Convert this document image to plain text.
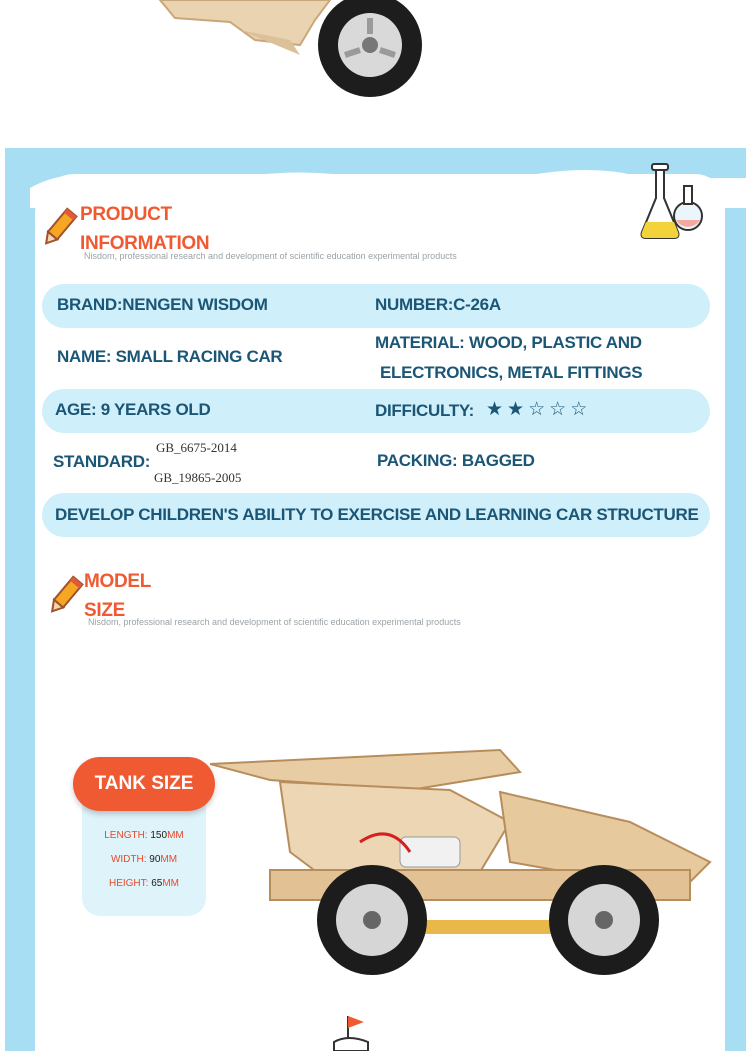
PRODUCT
INFORMATION
Nisdom, professional research and development of scientific education experimental products
BRAND:NENGEN WISDOM	NUMBER:C-26A
NAME: SMALL RACING CAR
MATERIAL: WOOD, PLASTIC AND
ELECTRONICS, METAL FITTINGS
AGE: 9 YEARS OLD	DIFFICULTY: ★ ★ ☆ ☆ ☆
STANDARD:
GB_6675-2014
GB_19865-2005
PACKING: BAGGED
DEVELOP CHILDREN'S ABILITY TO EXERCISE AND LEARNING CAR STRUCTURE
MODEL
SIZE
Nisdom, professional research and development of scientific education experimental products
LENGTH: 150MM
WIDTH: 90MM
HEIGHT: 65MM
TANK SIZE
